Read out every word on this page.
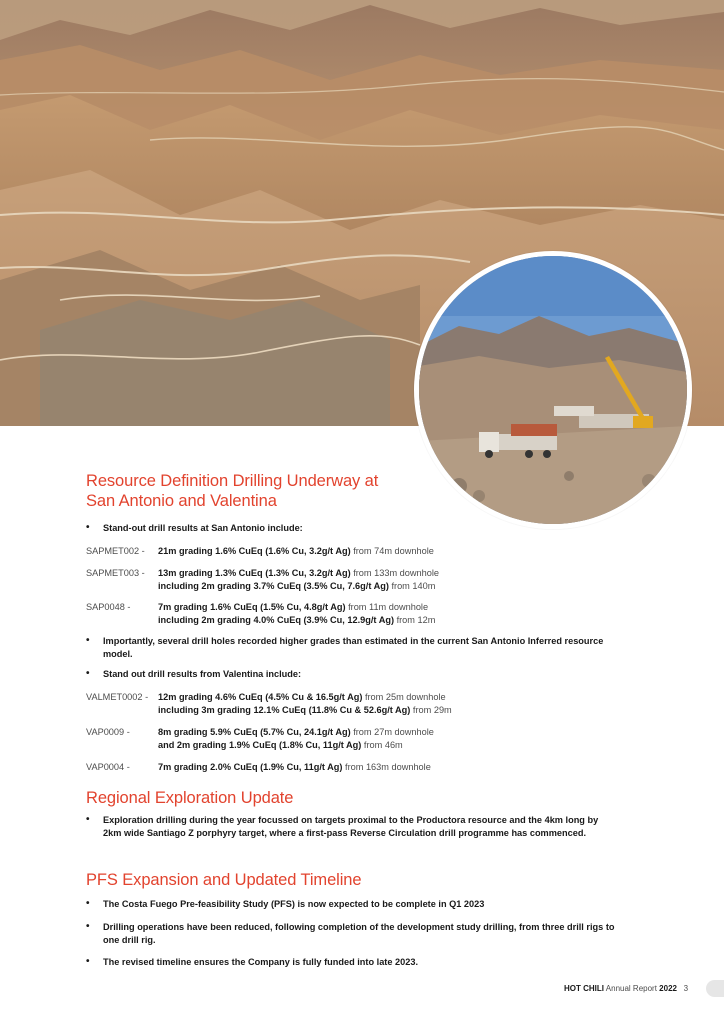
Resource Definition Drilling Underway at San Antonio and Valentina
• Stand-out drill results at San Antonio include:
SAPMET002 -	21m grading 1.6% CuEq (1.6% Cu, 3.2g/t Ag) from 74m downhole
SAPMET003 -	13m grading 1.3% CuEq (1.3% Cu, 3.2g/t Ag) from 133m downhole
including 2m grading 3.7% CuEq (3.5% Cu, 7.6g/t Ag) from 140m
SAP0048 -	7m grading 1.6% CuEq (1.5% Cu, 4.8g/t Ag) from 11m downhole
including 2m grading 4.0% CuEq (3.9% Cu, 12.9g/t Ag) from 12m
• Importantly, several drill holes recorded higher grades than estimated in the current San Antonio Inferred resource model.
• Stand out drill results from Valentina include:
VALMET0002 -	12m grading 4.6% CuEq (4.5% Cu & 16.5g/t Ag) from 25m downhole
including 3m grading 12.1% CuEq (11.8% Cu & 52.6g/t Ag) from 29m
VAP0009 -	8m grading 5.9% CuEq (5.7% Cu, 24.1g/t Ag) from 27m downhole
and 2m grading 1.9% CuEq (1.8% Cu, 11g/t Ag) from 46m
VAP0004 -	7m grading 2.0% CuEq (1.9% Cu, 11g/t Ag) from 163m downhole
Regional Exploration Update
• Exploration drilling during the year focussed on targets proximal to the Productora resource and the 4km long by 2km wide Santiago Z porphyry target, where a first-pass Reverse Circulation drill programme has commenced.
PFS Expansion and Updated Timeline
• The Costa Fuego Pre-feasibility Study (PFS) is now expected to be complete in Q1 2023
• Drilling operations have been reduced, following completion of the development study drilling, from three drill rigs to one drill rig.
• The revised timeline ensures the Company is fully funded into late 2023.
HOT CHILI Annual Report 2022 3
